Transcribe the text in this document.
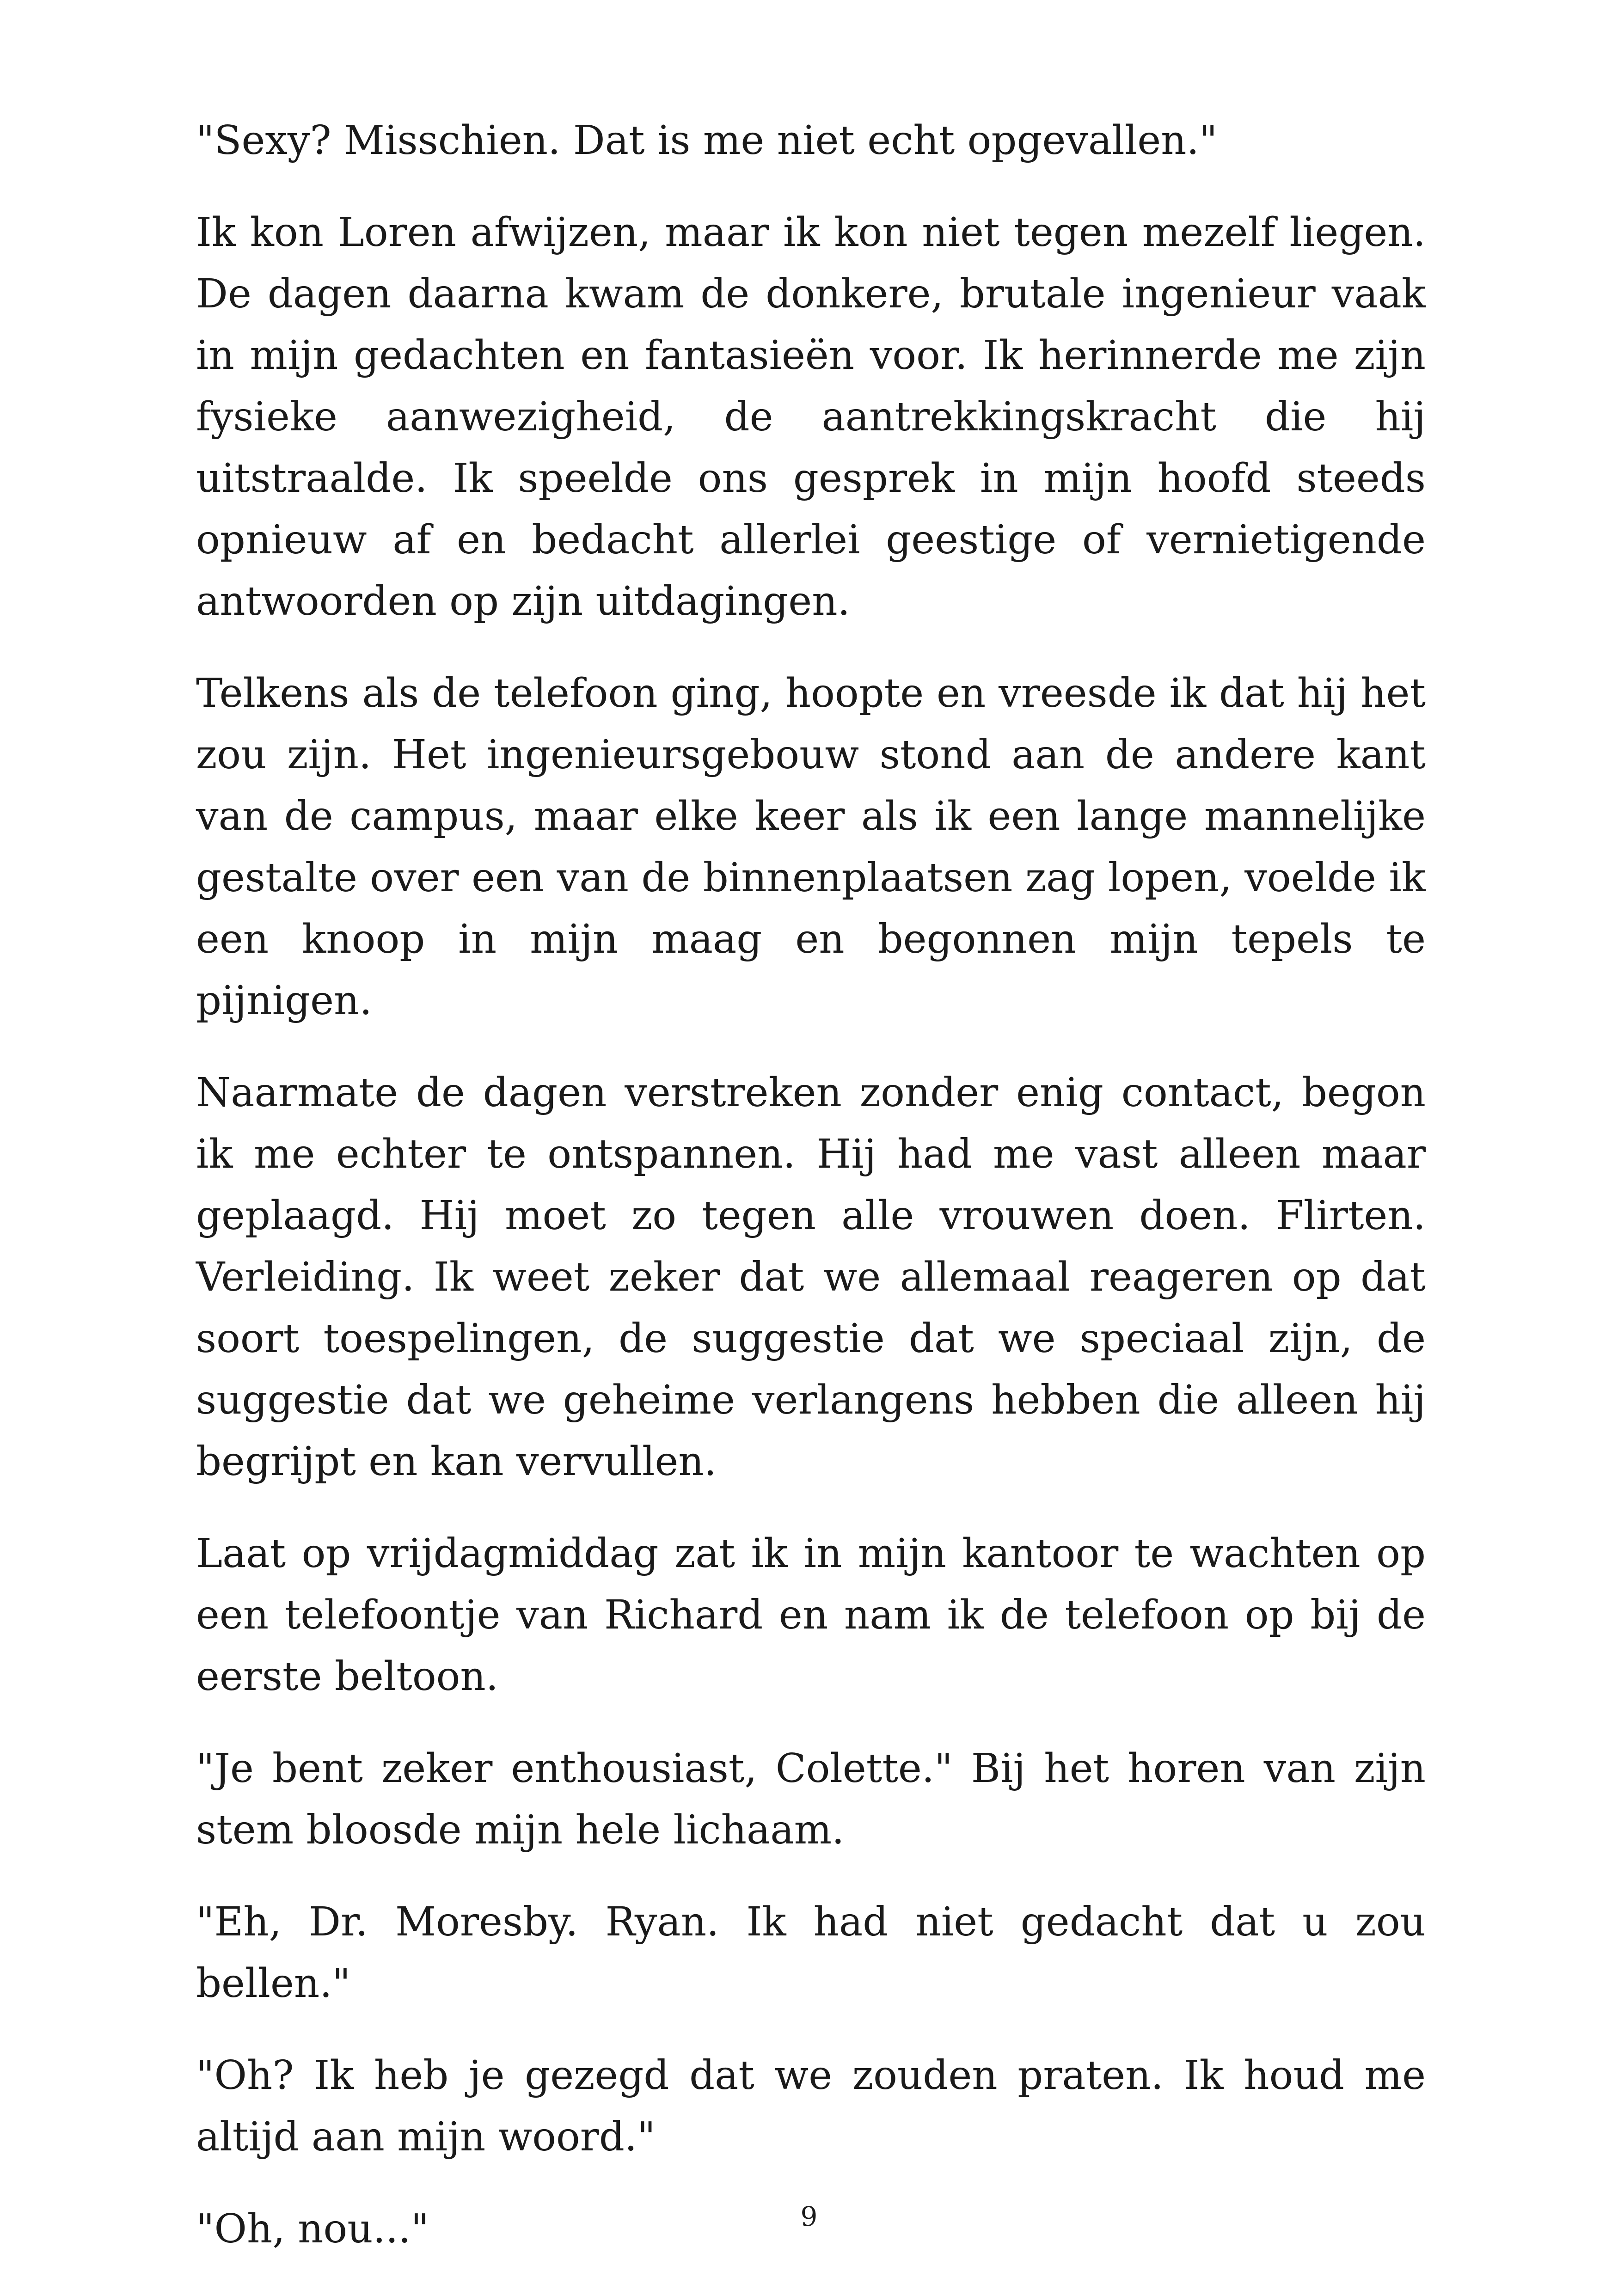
"Sexy? Misschien. Dat is me niet echt opgevallen."

Ik kon Loren afwijzen, maar ik kon niet tegen mezelf liegen. De dagen daarna kwam de donkere, brutale ingenieur vaak in mijn gedachten en fantasieën voor. Ik herinnerde me zijn fysieke aanwezigheid, de aantrekkingskracht die hij uitstraalde. Ik speelde ons gesprek in mijn hoofd steeds opnieuw af en bedacht allerlei geestige of vernietigende antwoorden op zijn uitdagingen.

Telkens als de telefoon ging, hoopte en vreesde ik dat hij het zou zijn. Het ingenieursgebouw stond aan de andere kant van de campus, maar elke keer als ik een lange mannelijke gestalte over een van de binnenplaatsen zag lopen, voelde ik een knoop in mijn maag en begonnen mijn tepels te pijnigen.

Naarmate de dagen verstreken zonder enig contact, begon ik me echter te ontspannen. Hij had me vast alleen maar geplaagd. Hij moet zo tegen alle vrouwen doen. Flirten. Verleiding. Ik weet zeker dat we allemaal reageren op dat soort toespelingen, de suggestie dat we speciaal zijn, de suggestie dat we geheime verlangens hebben die alleen hij begrijpt en kan vervullen.

Laat op vrijdagmiddag zat ik in mijn kantoor te wachten op een telefoontje van Richard en nam ik de telefoon op bij de eerste beltoon.

"Je bent zeker enthousiast, Colette." Bij het horen van zijn stem bloosde mijn hele lichaam.

"Eh, Dr. Moresby. Ryan. Ik had niet gedacht dat u zou bellen."

"Oh? Ik heb je gezegd dat we zouden praten. Ik houd me altijd aan mijn woord."

"Oh, nou..."	9
